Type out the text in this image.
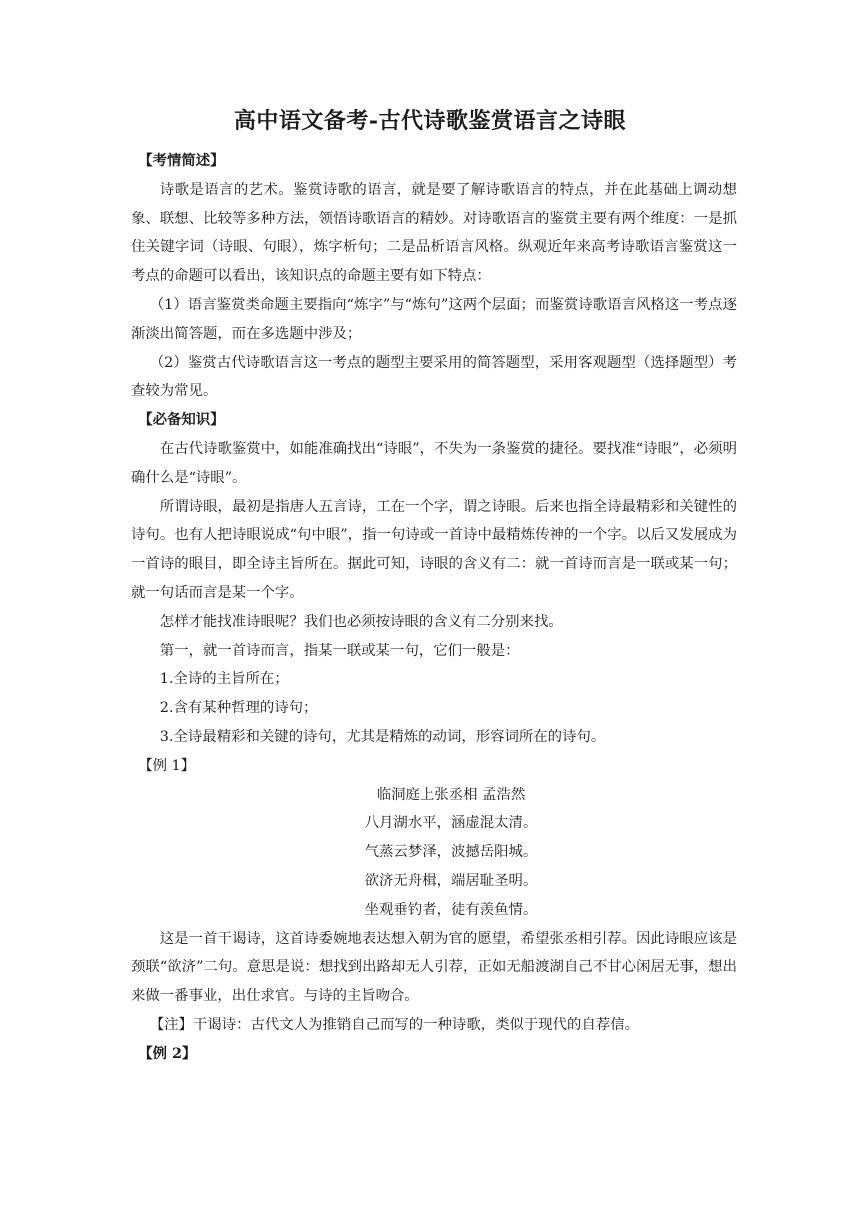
高中语文备考-古代诗歌鉴赏语言之诗眼

【考情简述】

诗歌是语言的艺术。鉴赏诗歌的语言，就是要了解诗歌语言的特点，并在此基础上调动想象、联想、比较等多种方法，领悟诗歌语言的精妙。对诗歌语言的鉴赏主要有两个维度：一是抓住关键字词（诗眼、句眼），炼字析句；二是品析语言风格。纵观近年来高考诗歌语言鉴赏这一考点的命题可以看出，该知识点的命题主要有如下特点：

（1）语言鉴赏类命题主要指向“炼字”与“炼句”这两个层面；而鉴赏诗歌语言风格这一考点逐渐淡出简答题，而在多选题中涉及；

（2）鉴赏古代诗歌语言这一考点的题型主要采用的简答题型，采用客观题型（选择题型）考查较为常见。

【必备知识】

在古代诗歌鉴赏中，如能准确找出“诗眼”，不失为一条鉴赏的捷径。要找准“诗眼”，必须明确什么是“诗眼”。

所谓诗眼，最初是指唐人五言诗，工在一个字，谓之诗眼。后来也指全诗最精彩和关键性的诗句。也有人把诗眼说成“句中眼”，指一句诗或一首诗中最精炼传神的一个字。以后又发展成为一首诗的眼目，即全诗主旨所在。据此可知，诗眼的含义有二：就一首诗而言是一联或某一句；就一句话而言是某一个字。

怎样才能找准诗眼呢？我们也必须按诗眼的含义有二分别来找。

第一，就一首诗而言，指某一联或某一句，它们一般是：

1.全诗的主旨所在；

2.含有某种哲理的诗句；

3.全诗最精彩和关键的诗句，尤其是精炼的动词，形容词所在的诗句。

【例 1】

临洞庭上张丞相 孟浩然

八月湖水平，涵虚混太清。

气蒸云梦泽，波撼岳阳城。

欲济无舟楫，端居耻圣明。

坐观垂钓者，徒有羡鱼情。

这是一首干谒诗，这首诗委婉地表达想入朝为官的愿望，希望张丞相引荐。因此诗眼应该是颈联“欲济”二句。意思是说：想找到出路却无人引荐，正如无船渡湖自己不甘心闲居无事，想出来做一番事业，出仕求官。与诗的主旨吻合。

【注】干谒诗：古代文人为推销自己而写的一种诗歌，类似于现代的自荐信。

【例 2】
